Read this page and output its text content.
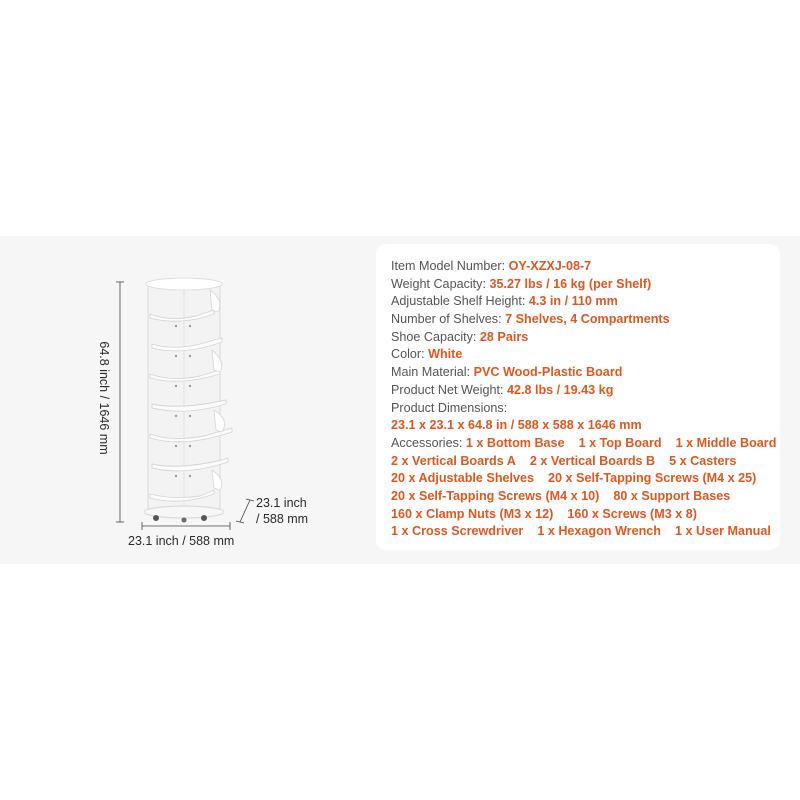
64.8 inch / 1646 mm
23.1 inch / 588 mm
23.1 inch
/ 588 mm
Item Model Number: OY-XZXJ-08-7
Weight Capacity: 35.27 lbs / 16 kg (per Shelf)
Adjustable Shelf Height: 4.3 in / 110 mm
Number of Shelves: 7 Shelves, 4 Compartments
Shoe Capacity: 28 Pairs
Color: White
Main Material: PVC Wood-Plastic Board
Product Net Weight: 42.8 lbs / 19.43 kg
Product Dimensions:
23.1 x 23.1 x 64.8 in / 588 x 588 x 1646 mm
Accessories: 1 x Bottom Base 1 x Top Board 1 x Middle Board
2 x Vertical Boards A 2 x Vertical Boards B 5 x Casters
20 x Adjustable Shelves 20 x Self-Tapping Screws (M4 x 25)
20 x Self-Tapping Screws (M4 x 10) 80 x Support Bases
160 x Clamp Nuts (M3 x 12) 160 x Screws (M3 x 8)
1 x Cross Screwdriver 1 x Hexagon Wrench 1 x User Manual
